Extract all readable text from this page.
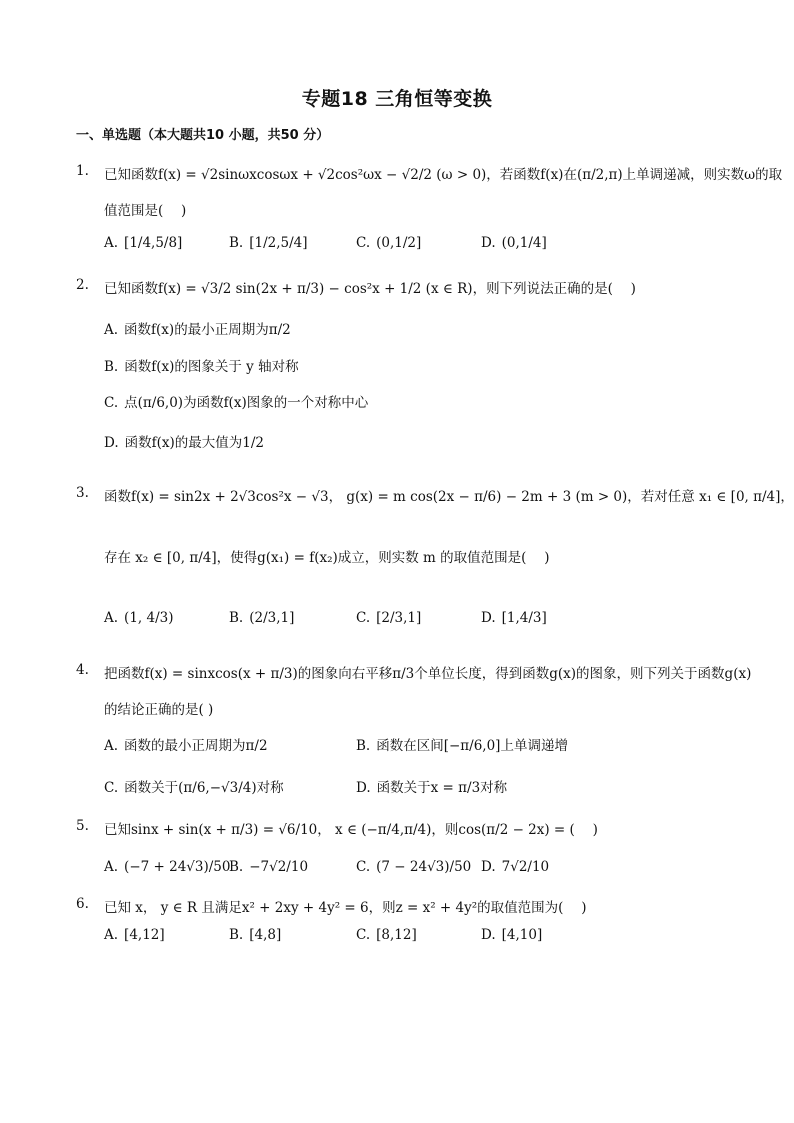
专题18 三角恒等变换
一、单选题（本大题共10 小题，共50 分）
1. 已知函数f(x) = √2sinωxcosωx + √2cos²ωx − √2/2 (ω > 0)，若函数f(x)在(π/2,π)上单调递减，则实数ω的取
值范围是(　 )
A. [1/4,5/8]	B. [1/2,5/4]	C. (0,1/2]	D. (0,1/4]
2. 已知函数f(x) = √3/2 sin(2x + π/3) − cos²x + 1/2 (x ∈ R)，则下列说法正确的是(　 )
A. 函数f(x)的最小正周期为π/2
B. 函数f(x)的图象关于 y 轴对称
C. 点(π/6,0)为函数f(x)图象的一个对称中心
D. 函数f(x)的最大值为1/2
3. 函数f(x) = sin2x + 2√3cos²x − √3， g(x) = m cos(2x − π/6) − 2m + 3 (m > 0)，若对任意 x₁ ∈ [0, π/4]，
存在 x₂ ∈ [0, π/4]，使得g(x₁) = f(x₂)成立，则实数 m 的取值范围是(　 )
A. (1, 4/3)	B. (2/3,1]	C. [2/3,1]	D. [1,4/3]
4. 把函数f(x) = sinxcos(x + π/3)的图象向右平移π/3个单位长度，得到函数g(x)的图象，则下列关于函数g(x)
的结论正确的是( )
A. 函数的最小正周期为π/2	B. 函数在区间[−π/6,0]上单调递增
C. 函数关于(π/6,−√3/4)对称	D. 函数关于x = π/3对称
5. 已知sinx + sin(x + π/3) = √6/10， x ∈ (−π/4,π/4)，则cos(π/2 − 2x) = (　 )
A. (−7 + 24√3)/50
B. −7√2/10	C. (7 − 24√3)/50 D. 7√2/10
6. 已知 x， y ∈ R 且满足x² + 2xy + 4y² = 6，则z = x² + 4y²的取值范围为(　 )
A. [4,12]	B. [4,8]	C. [8,12]	D. [4,10]
